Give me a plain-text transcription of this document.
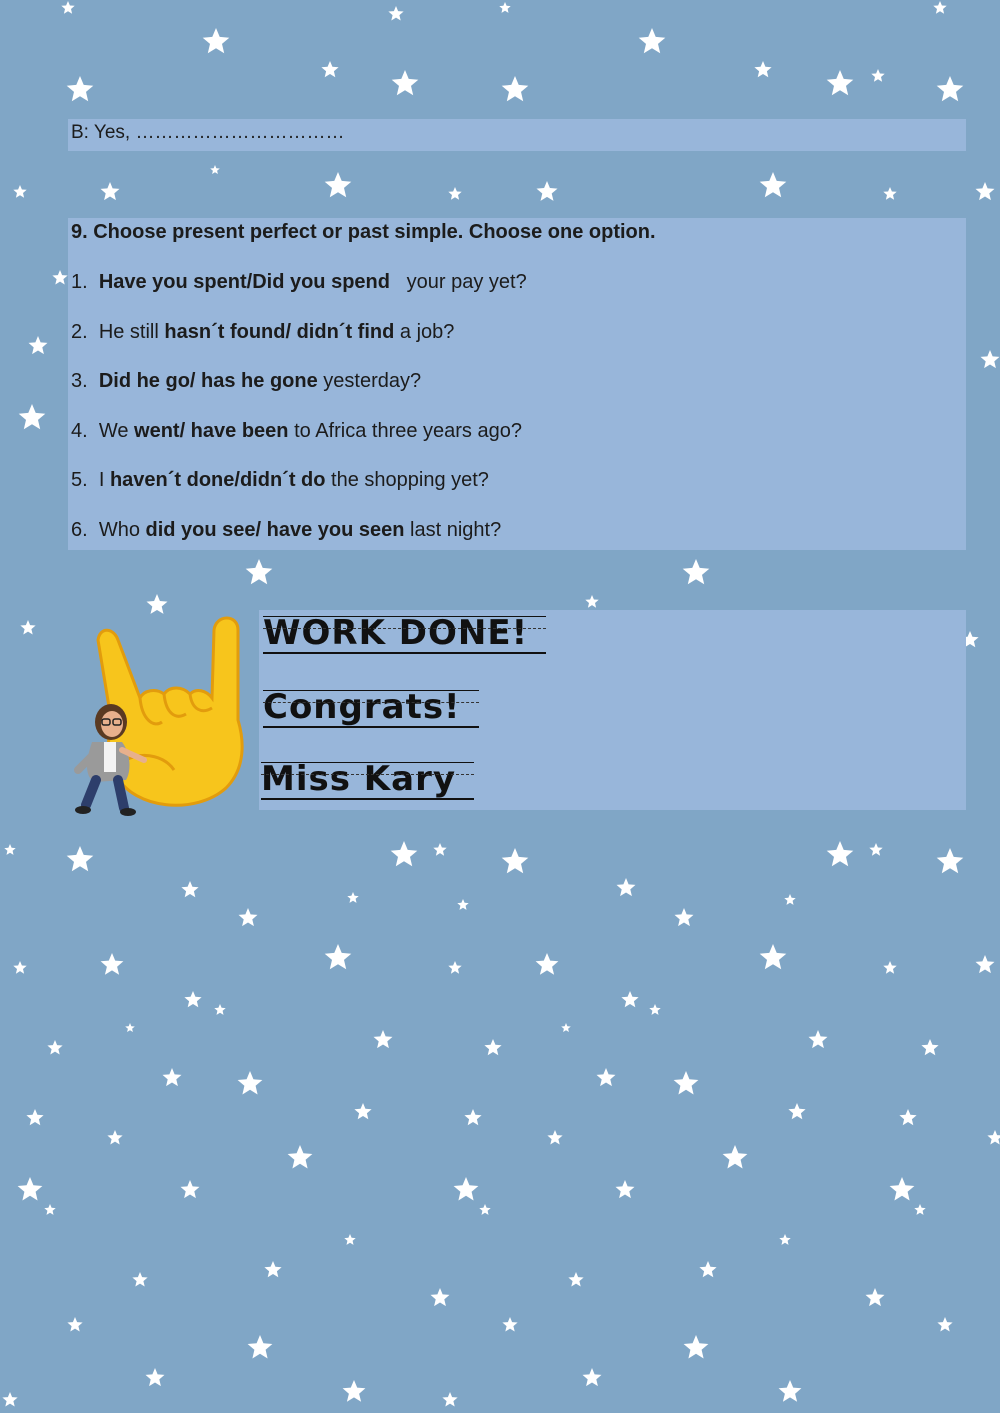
B: Yes, ……………………………
9. Choose present perfect or past simple. Choose one option.
1.  Have you spent/Did you spend   your pay yet?
2.  He still hasn´t found/ didn´t find a job?
3.  Did he go/ has he gone yesterday?
4.  We went/ have been to Africa three years ago?
5.  I haven´t done/didn´t do the shopping yet?
6.  Who did you see/ have you seen last night?
WORK DONE!
Congrats!
Miss Kary
